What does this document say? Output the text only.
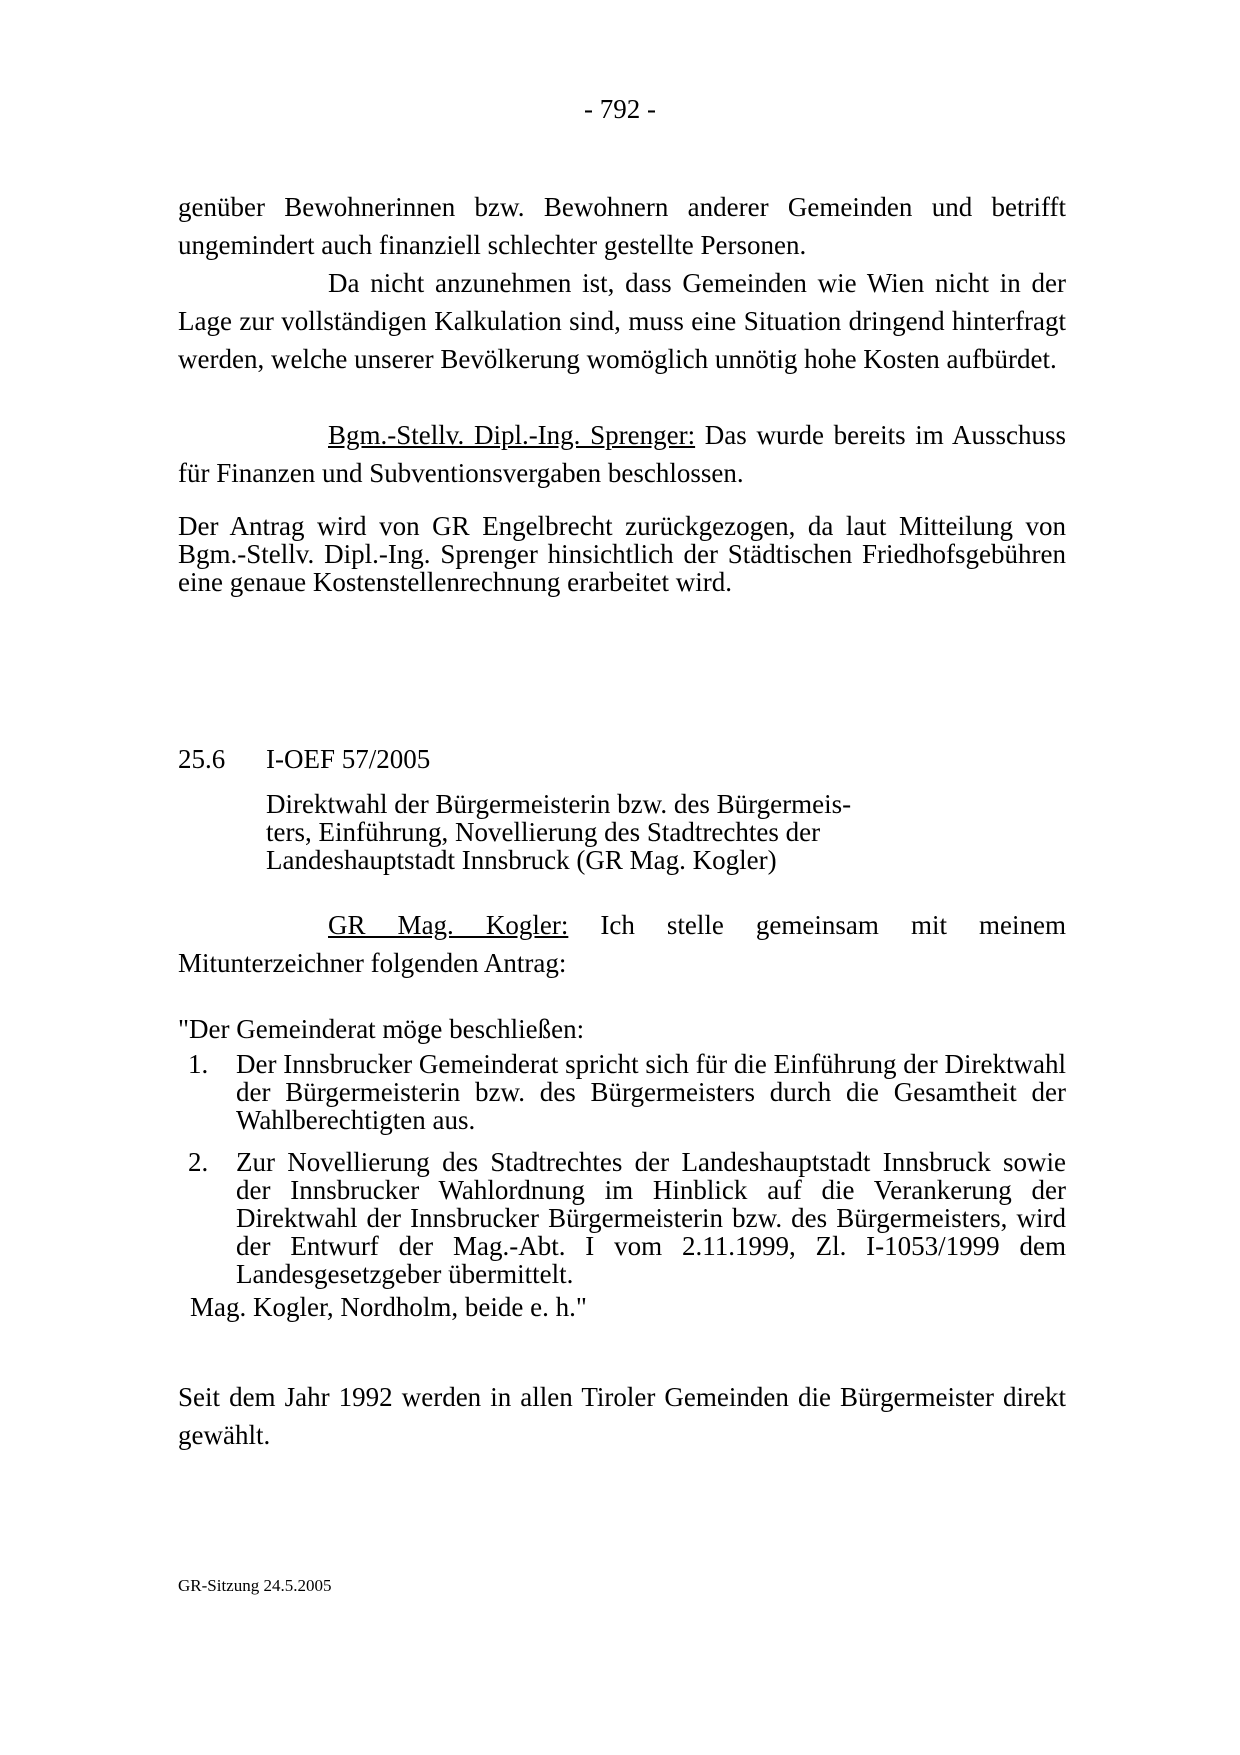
- 792 -
genüber Bewohnerinnen bzw. Bewohnern anderer Gemeinden und betrifft
ungemindert auch finanziell schlechter gestellte Personen.

Da nicht anzunehmen ist, dass Gemeinden wie Wien nicht in der Lage zur vollständigen Kalkulation sind, muss eine Situation dringend hinterfragt werden, welche unserer Bevölkerung womöglich unnötig hohe Kosten aufbürdet.

Bgm.-Stellv. Dipl.-Ing. Sprenger: Das wurde bereits im Ausschuss für Finanzen und Subventionsvergaben beschlossen.

Der Antrag wird von GR Engelbrecht zurückgezogen, da laut Mitteilung von Bgm.-Stellv. Dipl.-Ing. Sprenger hinsichtlich der Städtischen Friedhofsgebühren eine genaue Kostenstellenrechnung erarbeitet wird.

25.6 I-OEF 57/2005
Direktwahl der Bürgermeisterin bzw. des Bürgermeis-
ters, Einführung, Novellierung des Stadtrechtes der
Landeshauptstadt Innsbruck (GR Mag. Kogler)

GR Mag. Kogler: Ich stelle gemeinsam mit meinem Mitunterzeichner folgenden Antrag:

"Der Gemeinderat möge beschließen:
1. Der Innsbrucker Gemeinderat spricht sich für die Einführung der Direktwahl der Bürgermeisterin bzw. des Bürgermeisters durch die Gesamtheit der Wahlberechtigten aus.
2. Zur Novellierung des Stadtrechtes der Landeshauptstadt Innsbruck sowie der Innsbrucker Wahlordnung im Hinblick auf die Verankerung der Direktwahl der Innsbrucker Bürgermeisterin bzw. des Bürgermeisters, wird der Entwurf der Mag.-Abt. I vom 2.11.1999, Zl. I-1053/1999 dem Landesgesetzgeber übermittelt.
Mag. Kogler, Nordholm, beide e. h."

Seit dem Jahr 1992 werden in allen Tiroler Gemeinden die Bürgermeister direkt gewählt.

GR-Sitzung 24.5.2005
